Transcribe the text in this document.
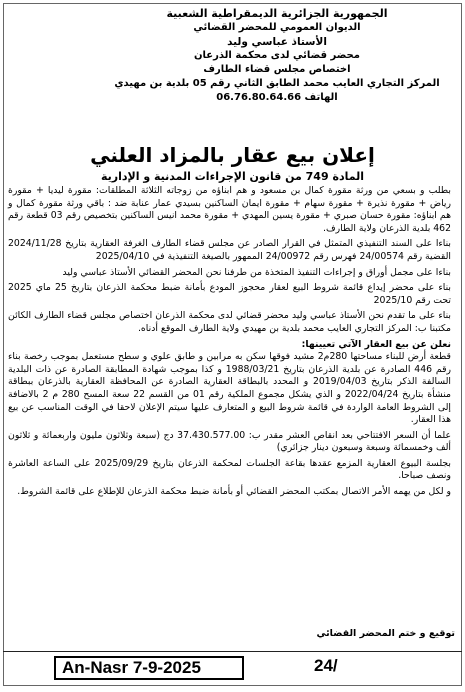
الجمهورية الجزائرية الديمقراطية الشعبية
الديوان العمومي للمحضر القضائي
الأستاذ عباسي وليد
محضر قضائي لدى محكمة الذرعان
اختصاص مجلس قضاء الطارف
المركز التجاري العايب محمد الطابق الثاني رقم 05 بلدية بن مهيدي
الهاتف 06.76.80.64.66
إعلان بيع عقار بالمزاد العلني
المادة 749 من قانون الإجراءات المدنية و الإدارية

بطلب و بسعي من ورثة مقورة كمال بن مسعود و هم ابناؤه من زوجاته الثلاثة المطلقات: مقورة ليديا + مقورة رياض + مقورة نذيرة + مقورة سهام + مقورة ايمان الساكنين بسيدي عمار عنابة ضد : باقي ورثة مقورة كمال و هم ابناؤه: مقورة حسان صبري + مقورة يسين المهدي + مقورة محمد انيس الساكنين بتخصيص رقم 03 قطعة رقم 462 بلدية الذرعان ولاية الطارف.

بناءا على السند التنفيذي المتمثل في القرار الصادر عن مجلس قضاء الطارف الغرفة العقارية بتاريخ 2024/11/28 القضية رقم 24/00574 فهرس رقم 24/00972 الممهور بالصيغة التنفيذية في 2025/04/10

بناءا على مجمل أوراق و إجراءات التنفيذ المتخذة من طرفنا نحن المحضر القضائي الأستاذ عباسي وليد

بناء على محضر إيداع قائمة شروط البيع لعقار محجوز المودع بأمانة ضبط محكمة الذرعان بتاريخ 25 ماي 2025 تحت رقم 2025/10

بناء على ما تقدم نحن الأستاذ عباسي وليد محضر قضائي لدى محكمة الذرعان اختصاص مجلس قضاء الطارف الكائن مكتبنا ب: المركز التجاري العايب محمد بلدية بن مهيدي ولاية الطارف الموقع أدناه.

نعلن عن بيع العقار الآتي تعيينها:

قطعة أرض للبناء مساحتها 280م2 مشيد فوقها سكن به مرابين و طابق علوي و سطح مستعمل بموجب رخصة بناء رقم 446 الصادرة عن بلدية الذرعان بتاريخ 1988/03/21 و كذا بموجب شهادة المطابقة الصادرة عن ذات البلدية السالفة الذكر بتاريخ 2019/04/03 و المحدد بالبطاقة العقارية الصادرة عن المحافظة العقارية بالذرعان ببطاقة منشأة بتاريخ 2022/04/24 و الذي يشكل مجموع الملكية رقم 01 من القسم 22 سعة المسح 280 م 2 بالاضافة إلى الشروط العامة الواردة في قائمة شروط البيع و المتعارف عليها سيتم الإعلان لاحقا في الوقت المناسب عن بيع هذا العقار.

علما أن السعر الافتتاحي بعد انقاص العشر مقدر ب: 37.430.577.00 دج (سبعة وثلاثون مليون واربعمائة و ثلاثون ألف وخمسمائة وسبعة وسبعون دينار جزائري)

بجلسة البيوع العقارية المزمع عقدها بقاعة الجلسات لمحكمة الذرعان بتاريخ 2025/09/29 على الساعة العاشرة ونصف صباحا.

و لكل من يهمه الأمر الاتصال بمكتب المحضر القضائي أو بأمانة ضبط محكمة الذرعان للإطلاع على قائمة الشروط.

توقيع و ختم المحضر القضائي
An-Nasr 7-9-2025	24/
